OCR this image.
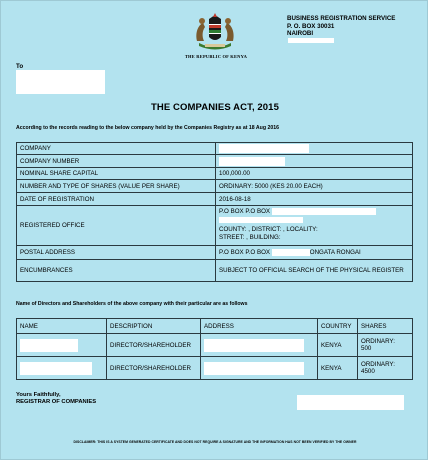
THE REPUBLIC OF KENYA
BUSINESS REGISTRATION SERVICE
P. O. BOX 30031
NAIROBI
To
THE COMPANIES ACT, 2015
According to the records reading to the below company held by the Companies Registry as at 18 Aug 2016
COMPANY	
COMPANY NUMBER	
NOMINAL SHARE CAPITAL	100,000.00
NUMBER AND TYPE OF SHARES (VALUE PER SHARE)	ORDINARY: 5000 (KES 20.00 EACH)
DATE OF REGISTRATION	2016-08-18
REGISTERED OFFICE	P.O BOX P.O BOX
COUNTY: , DISTRICT: , LOCALITY:
STREET: , BUILDING:

POSTAL ADDRESS	P.O BOX P.O BOX ONGATA RONGAI
ENCUMBRANCES	SUBJECT TO OFFICIAL SEARCH OF THE PHYSICAL REGISTER
Name of Directors and Shareholders of the above company with their particular are as follows
NAME	DESCRIPTION	ADDRESS	COUNTRY	SHARES
	DIRECTOR/SHAREHOLDER		KENYA	ORDINARY:
500

	DIRECTOR/SHAREHOLDER		KENYA	ORDINARY:
4500
Yours Faithfully,
REGISTRAR OF COMPANIES
DISCLAIMER: THIS IS A SYSTEM GENERATED CERTIFICATE AND DOES NOT REQUIRE A SIGNATURE AND THE INFORMATION HAS NOT BEEN VERIFIED BY THE OWNER
